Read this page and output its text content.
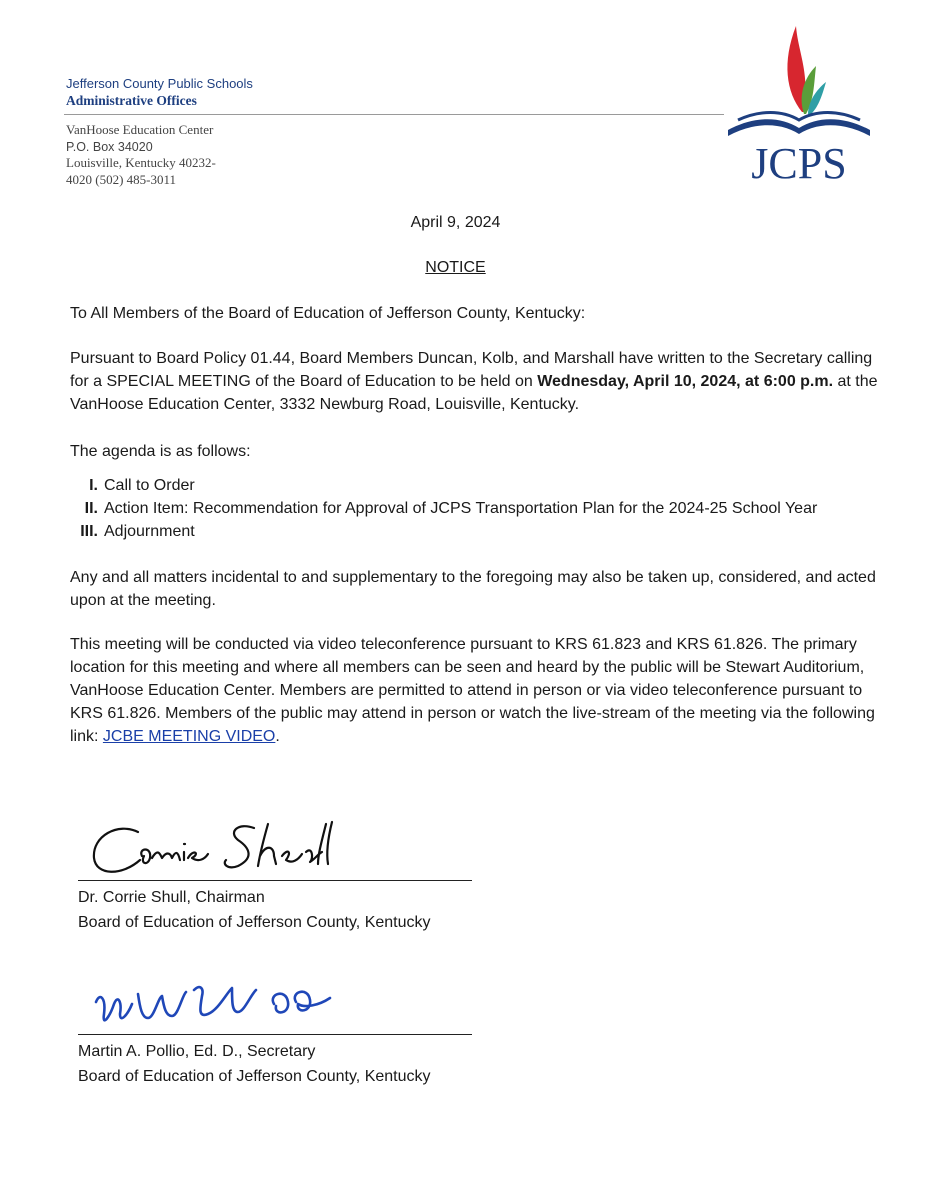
Jefferson County Public Schools
Administrative Offices
VanHoose Education Center
P.O. Box 34020
Louisville, Kentucky 40232-
4020 (502) 485-3011	JCPS
April 9, 2024
NOTICE
To All Members of the Board of Education of Jefferson County, Kentucky:
Pursuant to Board Policy 01.44, Board Members Duncan, Kolb, and Marshall have written to the Secretary calling for a SPECIAL MEETING of the Board of Education to be held on Wednesday, April 10, 2024, at 6:00 p.m. at the VanHoose Education Center, 3332 Newburg Road, Louisville, Kentucky.
The agenda is as follows:
I. Call to Order
II. Action Item: Recommendation for Approval of JCPS Transportation Plan for the 2024-25 School Year
III. Adjournment
Any and all matters incidental to and supplementary to the foregoing may also be taken up, considered, and acted upon at the meeting.
This meeting will be conducted via video teleconference pursuant to KRS 61.823 and KRS 61.826. The primary location for this meeting and where all members can be seen and heard by the public will be Stewart Auditorium, VanHoose Education Center. Members are permitted to attend in person or via video teleconference pursuant to KRS 61.826. Members of the public may attend in person or watch the live-stream of the meeting via the following link: JCBE MEETING VIDEO.
Dr. Corrie Shull, Chairman
Board of Education of Jefferson County, Kentucky
Martin A. Pollio, Ed. D., Secretary
Board of Education of Jefferson County, Kentucky
